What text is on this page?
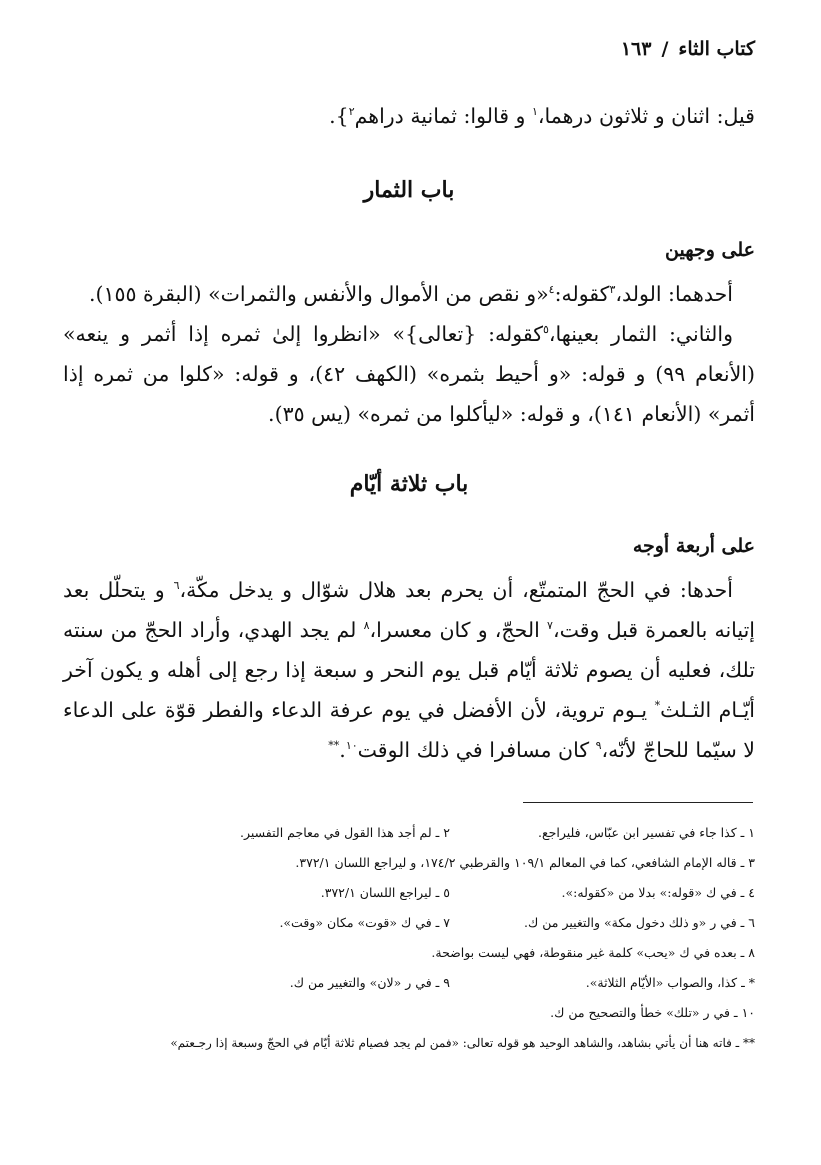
كتاب الثاء/١٦٣

قيل: اثنان و ثلاثون درهما،$^١$ و قالوا: ثمانية دراهم$^٢$}.

باب الثمار

على وجهين

أحدهما: الولد،$^٣$كقوله:$^٤$«و نقص من الأموال والأنفس والثمرات» (البقرة ١٥٥).

والثاني: الثمار بعينها،$^٥$كقوله: {تعالى}» «انظروا إلىٰ ثمره إذا أثمر و ينعه» (الأنعام ٩٩) و قوله: «و أحيط بثمره» (الكهف ٤٢)، و قوله: «كلوا من ثمره إذا أثمر» (الأنعام ١٤١)، و قوله: «ليأكلوا من ثمره» (يس ٣٥).

باب ثلاثة أيّام

على أربعة أوجه

أحدها: في الحجّ المتمتّع، أن يحرم بعد هلال شوّال و يدخل مكّة،$^٦$ و يتحلّل بعد إتيانه بالعمرة قبل وقت،$^٧$ الحجّ، و كان معسرا،$^٨$ لم يجد الهدي، وأراد الحجّ من سنته تلك، فعليه أن يصوم ثلاثة أيّام قبل يوم النحر و سبعة إذا رجع إلى أهله و يكون آخر أيّـام الثـلث* يـوم تروية، لأن الأفضل في يوم عرفة الدعاء والفطر قوّة على الدعاء لا سيّما للحاجّ لأنّه،$^٩$ كان مسافرا في ذلك الوقت$^{١٠}$.**

١ ـ كذا جاء في تفسير ابن عبّاس، فليراجع.
٢ ـ لم أجد هذا القول في معاجم التفسير.
٣ ـ قاله الإمام الشافعي، كما في المعالم ١٠٩/١ والقرطبي ١٧٤/٢، و ليراجع اللسان ٣٧٢/١.
٤ ـ في ك «قوله:» بدلا من «كقوله:».
٥ ـ ليراجع اللسان ٣٧٢/١.
٦ ـ في ر «و ذلك دخول مكة» والتغيير من ك.
٧ ـ في ك «قوت» مكان «وقت».
٨ ـ بعده في ك «يحب» كلمة غير منقوطة، فهي ليست بواضحة.
* ـ كذا، والصواب «الأيّام الثلاثة».
٩ ـ في ر «لان» والتغيير من ك.
١٠ ـ في ر «تلك» خطأ والتصحيح من ك.
** ـ فاته هنا أن يأتي بشاهد، والشاهد الوحيد هو قوله تعالى: «فمن لم يجد فصيام ثلاثة أيّام في الحجّ وسبعة إذا رجـعتم»
